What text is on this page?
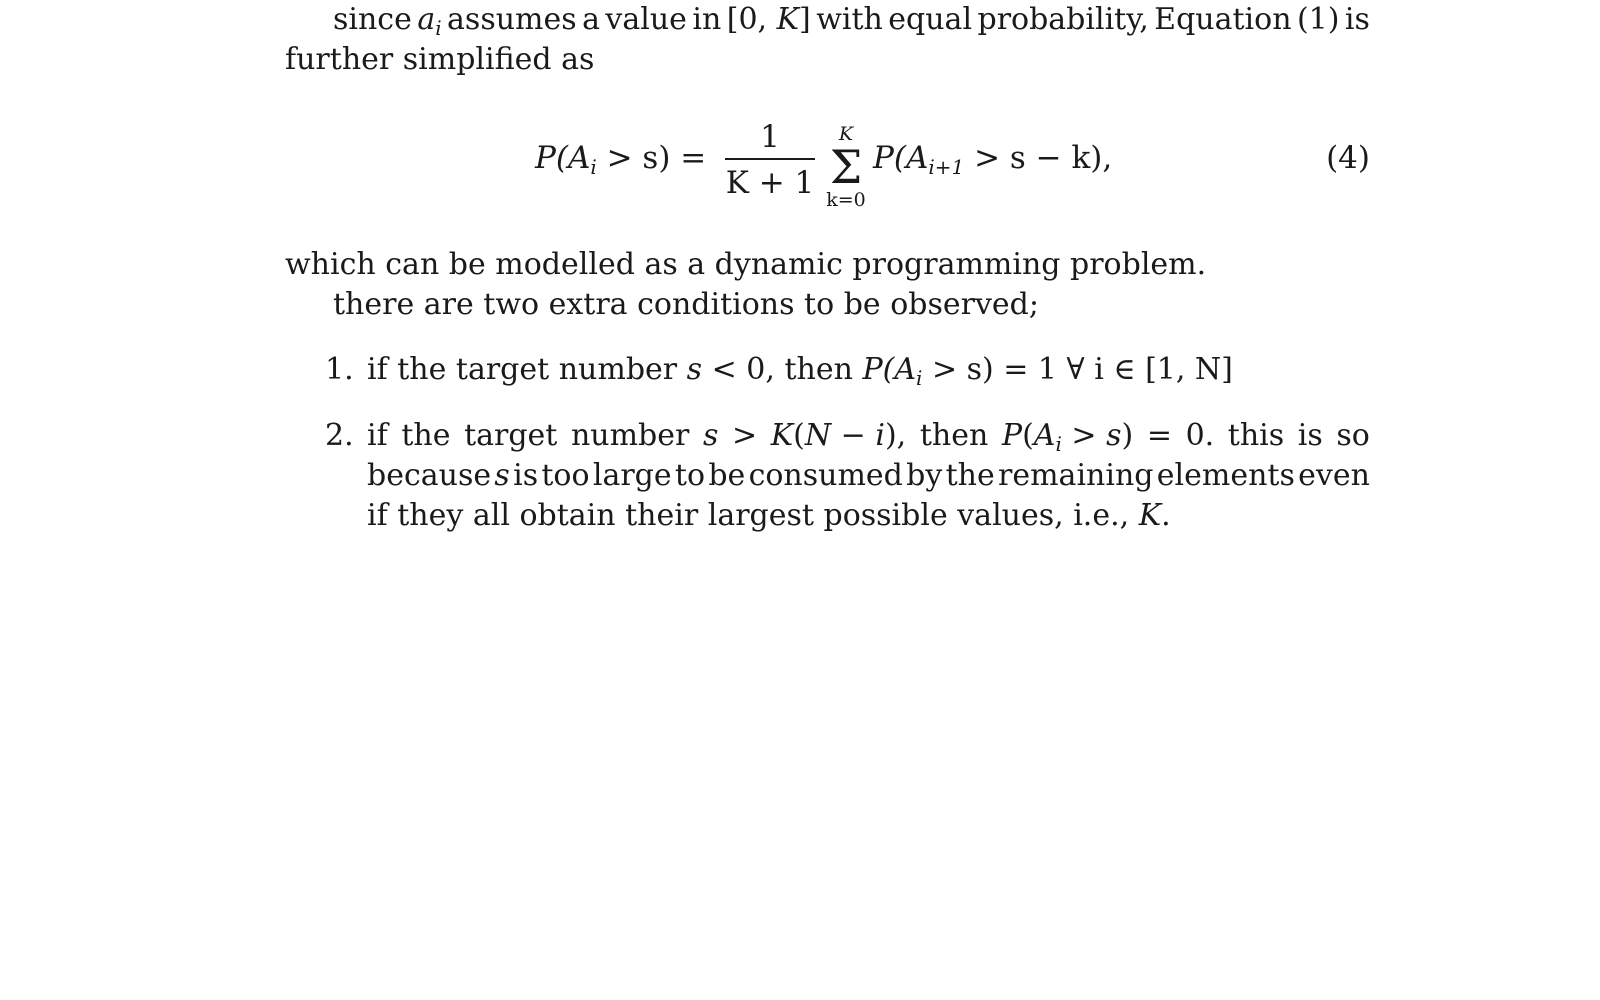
since $a_i$ assumes a value in [0, K] with equal probability, Equation (1) is
further simplified as
$P(A_i > s)$ =
1
K + 1
K
Σ
k=0
$P(A_{i+1} > s - k)$,	(4)
which can be modelled as a dynamic programming problem.
there are two extra conditions to be observed;
1. if the target number s < 0, then $P(A_i > s) = 1$ ∀ i ∈ [1, N]
2. if the target number s > K(N − i), then $P(A_i > s) = 0$. this is so
because s is too large to be consumed by the remaining elements even
if they all obtain their largest possible values, i.e., K.
